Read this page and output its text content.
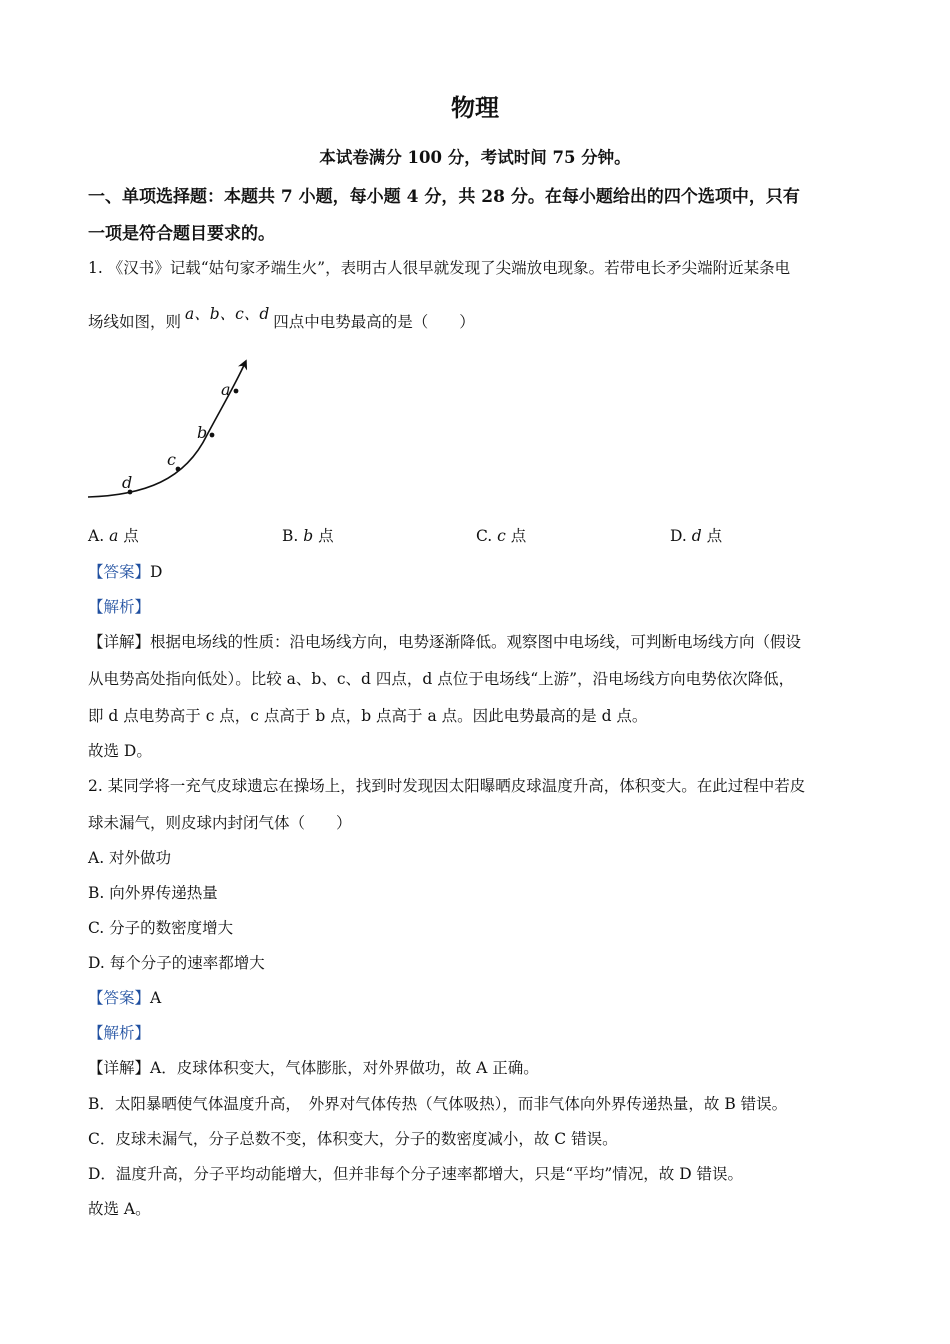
物理
本试卷满分 100 分，考试时间 75 分钟。
一、单项选择题：本题共 7 小题，每小题 4 分，共 28 分。在每小题给出的四个选项中，只有
一项是符合题目要求的。
1. 《汉书》记载“姑句家矛端生火”，表明古人很早就发现了尖端放电现象。若带电长矛尖端附近某条电
场线如图，则 a、b、c、d 四点中电势最高的是（　　）
a
b
c
d
A. a 点	B. b 点	C. c 点	D. d 点
【答案】D
【解析】
【详解】根据电场线的性质：沿电场线方向，电势逐渐降低。观察图中电场线，可判断电场线方向（假设
从电势高处指向低处）。比较 a、b、c、d 四点，d 点位于电场线“上游”，沿电场线方向电势依次降低，
即 d 点电势高于 c 点，c 点高于 b 点，b 点高于 a 点。因此电势最高的是 d 点。
故选 D。
2. 某同学将一充气皮球遗忘在操场上，找到时发现因太阳曝晒皮球温度升高，体积变大。在此过程中若皮
球未漏气，则皮球内封闭气体（　　）
A. 对外做功
B. 向外界传递热量
C. 分子的数密度增大
D. 每个分子的速率都增大
【答案】A
【解析】
【详解】A．皮球体积变大，气体膨胀，对外界做功，故 A 正确。
B．太阳暴晒使气体温度升高，　外界对气体传热（气体吸热），而非气体向外界传递热量，故 B 错误。
C．皮球未漏气，分子总数不变，体积变大，分子的数密度减小，故 C 错误。
D．温度升高，分子平均动能增大，但并非每个分子速率都增大，只是“平均”情况，故 D 错误。
故选 A。
